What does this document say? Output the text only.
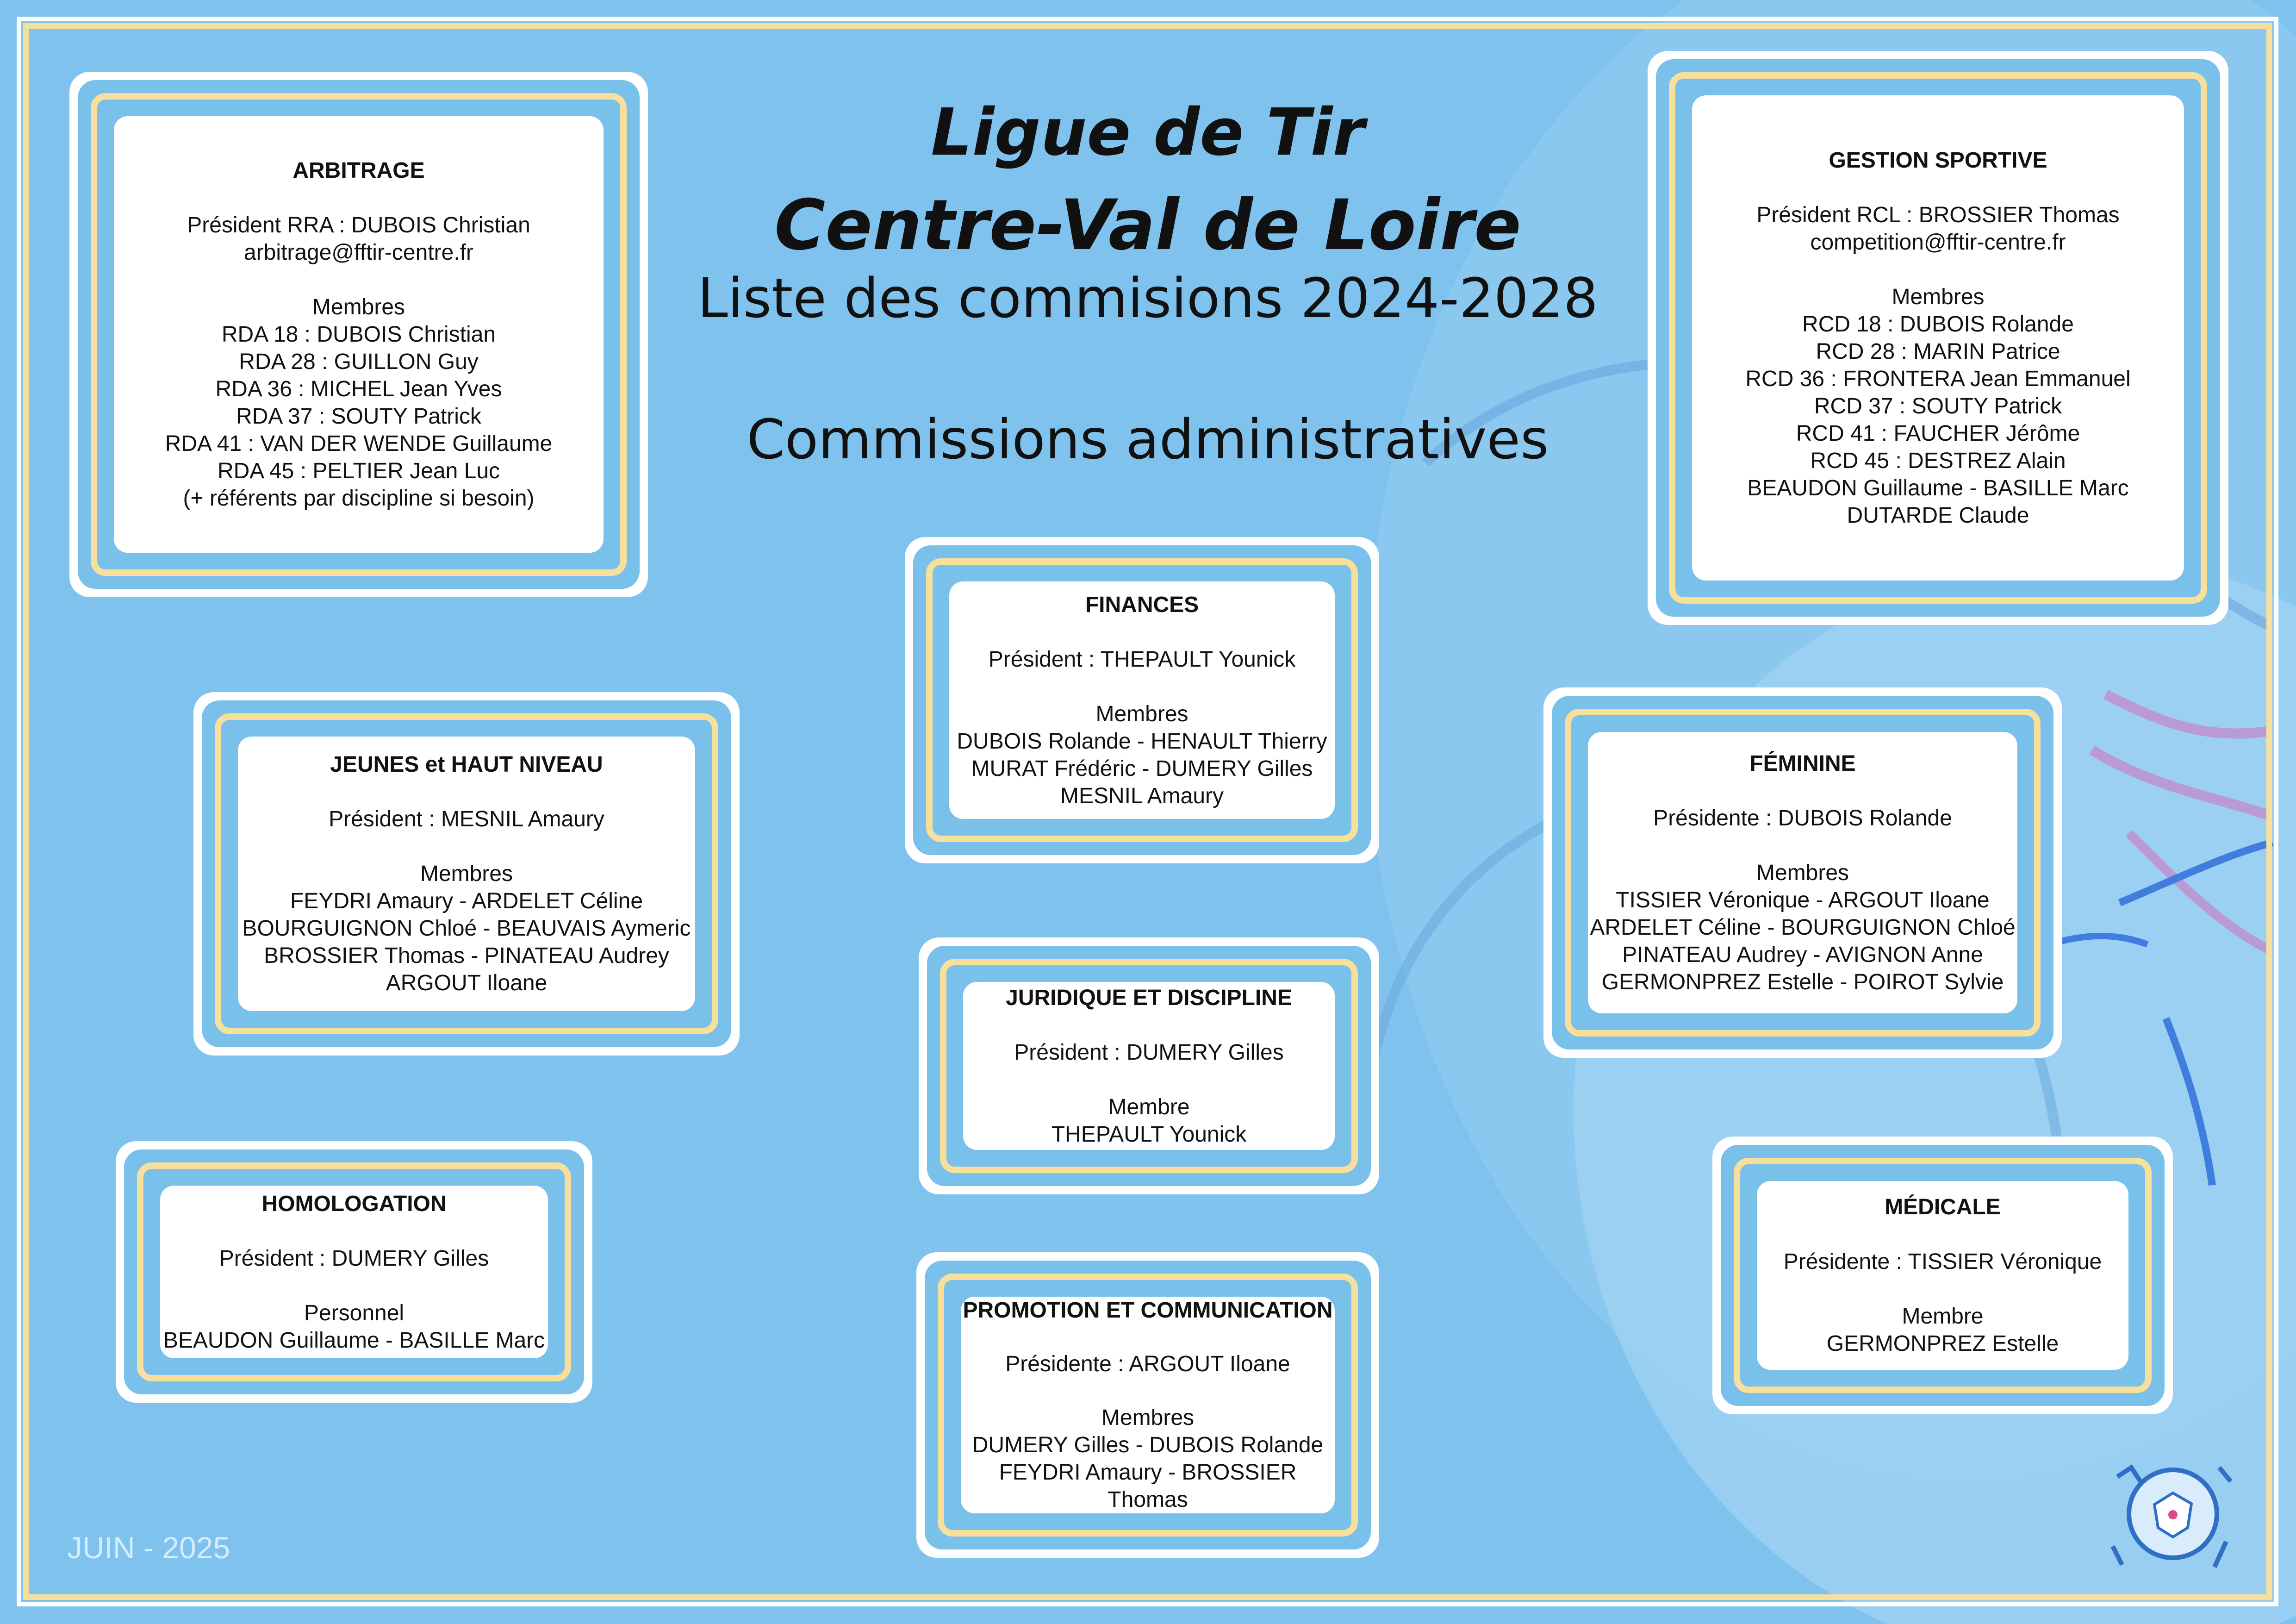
Ligue de Tir
Centre-Val de Loire
Liste des commisions 2024-2028
Commissions administratives
ARBITRAGE
Président RRA : DUBOIS Christian
arbitrage@fftir-centre.fr
Membres
RDA 18 : DUBOIS Christian
RDA 28 : GUILLON Guy
RDA 36 : MICHEL Jean Yves
RDA 37 : SOUTY Patrick
RDA 41 : VAN DER WENDE Guillaume
RDA 45 : PELTIER Jean Luc
(+ référents par discipline si besoin)
GESTION SPORTIVE
Président RCL : BROSSIER Thomas
competition@fftir-centre.fr
Membres
RCD 18 : DUBOIS Rolande
RCD 28 : MARIN Patrice
RCD 36 : FRONTERA Jean Emmanuel
RCD 37 : SOUTY Patrick
RCD 41 : FAUCHER Jérôme
RCD 45 : DESTREZ Alain
BEAUDON Guillaume - BASILLE Marc
DUTARDE Claude
FINANCES
Président : THEPAULT Younick
Membres
DUBOIS Rolande - HENAULT Thierry
MURAT Frédéric - DUMERY Gilles
MESNIL Amaury
JEUNES et HAUT NIVEAU
Président : MESNIL Amaury
Membres
FEYDRI Amaury - ARDELET Céline
BOURGUIGNON Chloé - BEAUVAIS Aymeric
BROSSIER Thomas - PINATEAU Audrey
ARGOUT Iloane
FÉMININE
Présidente : DUBOIS Rolande
Membres
TISSIER Véronique - ARGOUT Iloane
ARDELET Céline - BOURGUIGNON Chloé
PINATEAU Audrey - AVIGNON Anne
GERMONPREZ Estelle - POIROT Sylvie
JURIDIQUE ET DISCIPLINE
Président : DUMERY Gilles
Membre
THEPAULT Younick
HOMOLOGATION
Président : DUMERY Gilles
Personnel
BEAUDON Guillaume - BASILLE Marc
PROMOTION ET COMMUNICATION
Présidente : ARGOUT Iloane
Membres
DUMERY Gilles - DUBOIS Rolande
FEYDRI Amaury - BROSSIER Thomas
MÉDICALE
Présidente : TISSIER Véronique
Membre
GERMONPREZ Estelle
JUIN - 2025
